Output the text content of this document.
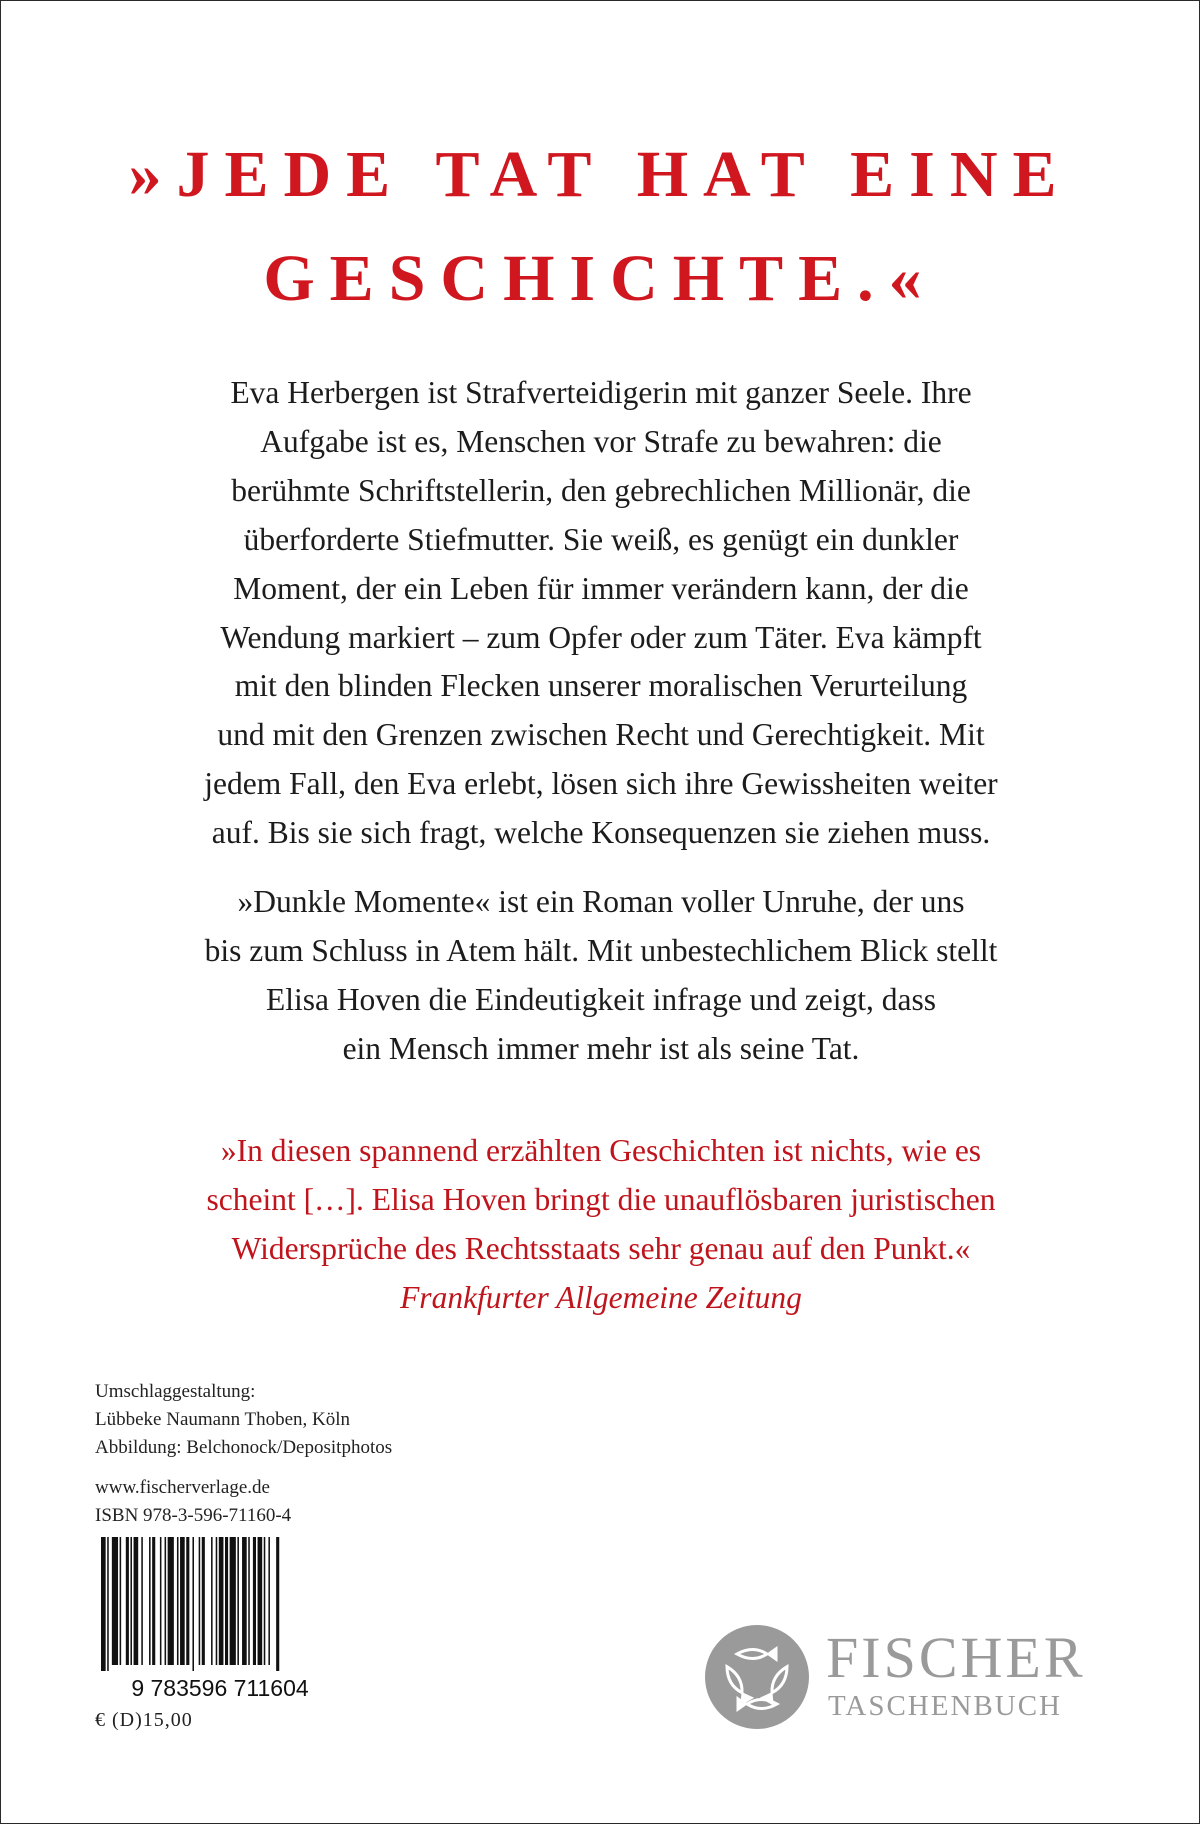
»JEDE TAT HAT EINE
GESCHICHTE.«

Eva Herbergen ist Strafverteidigerin mit ganzer Seele. Ihre
Aufgabe ist es, Menschen vor Strafe zu bewahren: die
berühmte Schriftstellerin, den gebrechlichen Millionär, die
überforderte Stiefmutter. Sie weiß, es genügt ein dunkler
Moment, der ein Leben für immer verändern kann, der die
Wendung markiert – zum Opfer oder zum Täter. Eva kämpft
mit den blinden Flecken unserer moralischen Verurteilung
und mit den Grenzen zwischen Recht und Gerechtigkeit. Mit
jedem Fall, den Eva erlebt, lösen sich ihre Gewissheiten weiter
auf. Bis sie sich fragt, welche Konsequenzen sie ziehen muss.

»Dunkle Momente« ist ein Roman voller Unruhe, der uns
bis zum Schluss in Atem hält. Mit unbestechlichem Blick stellt
Elisa Hoven die Eindeutigkeit infrage und zeigt, dass
ein Mensch immer mehr ist als seine Tat.

»In diesen spannend erzählten Geschichten ist nichts, wie es
scheint […]. Elisa Hoven bringt die unauflösbaren juristischen
Widersprüche des Rechtsstaats sehr genau auf den Punkt.«
Frankfurter Allgemeine Zeitung
Umschlaggestaltung:
Lübbeke Naumann Thoben, Köln
Abbildung: Belchonock/Depositphotos
www.fischerverlage.de
ISBN 978-3-596-71160-4
9 783596 711604
€ (D)15,00
FISCHER
TASCHENBUCH
